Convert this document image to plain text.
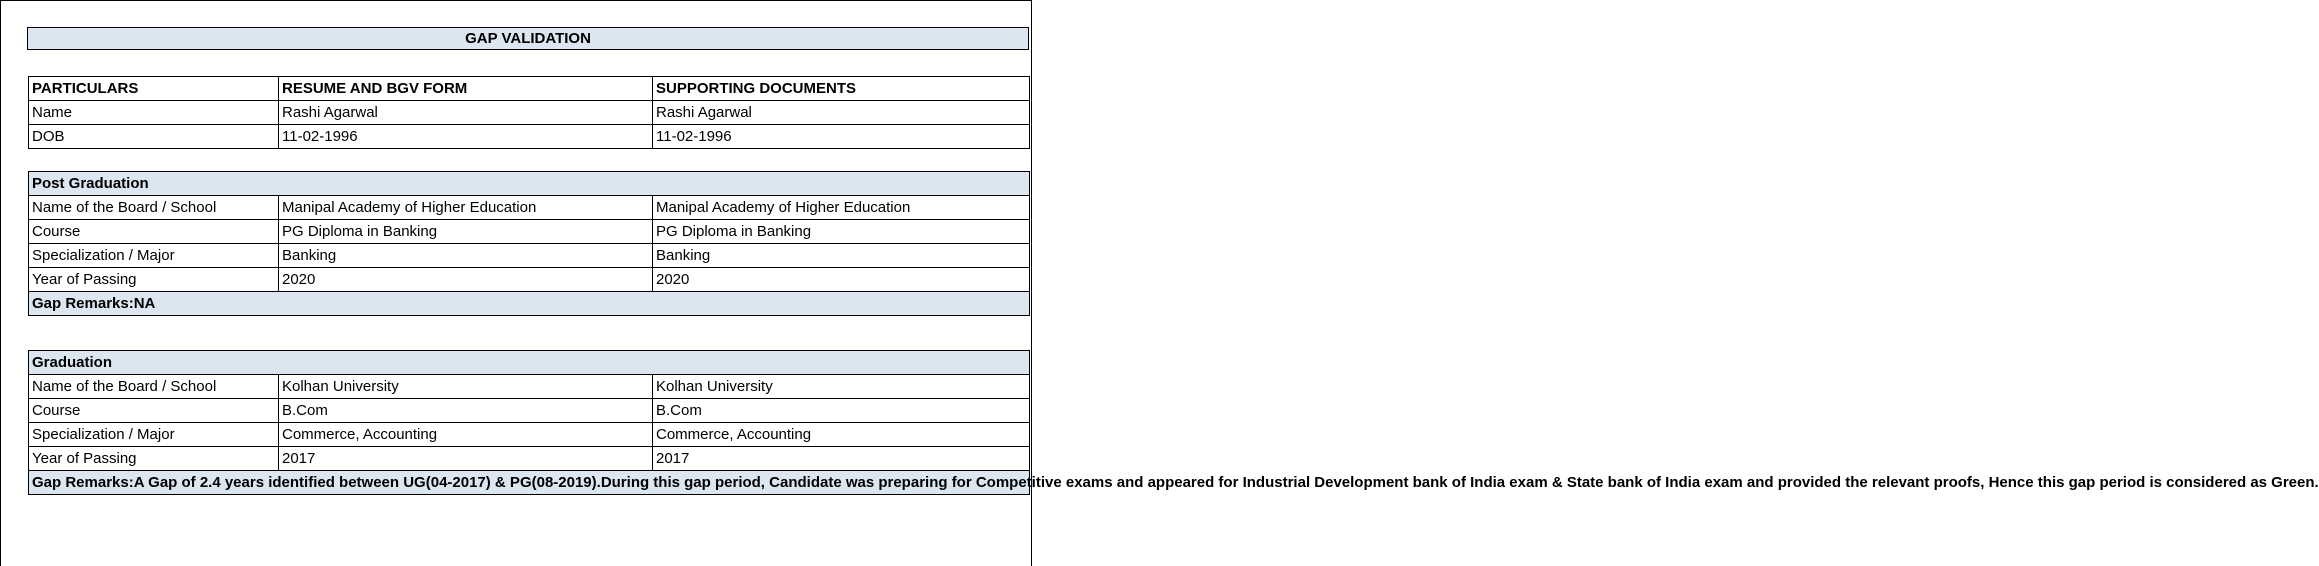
GAP VALIDATION
PARTICULARS	RESUME AND BGV FORM	SUPPORTING DOCUMENTS
Name	Rashi Agarwal	Rashi Agarwal
DOB	11-02-1996	11-02-1996
Post Graduation		
Name of the Board / School	Manipal Academy of Higher Education	Manipal Academy of Higher Education
Course	PG Diploma in Banking	PG Diploma in Banking
Specialization / Major	Banking	Banking
Year of Passing	2020	2020
Gap Remarks:NA		
Graduation		
Name of the Board / School	Kolhan University	Kolhan University
Course	B.Com	B.Com
Specialization / Major	Commerce, Accounting	Commerce, Accounting
Year of Passing	2017	2017
Gap Remarks:A Gap of 2.4 years identified between UG(04-2017) & PG(08-2019).During this gap period, Candidate was preparing for Competitive exams and appeared for Industrial Development bank of India exam & State bank of India exam and provided the relevant proofs, Hence this gap period is considered as Green.		
